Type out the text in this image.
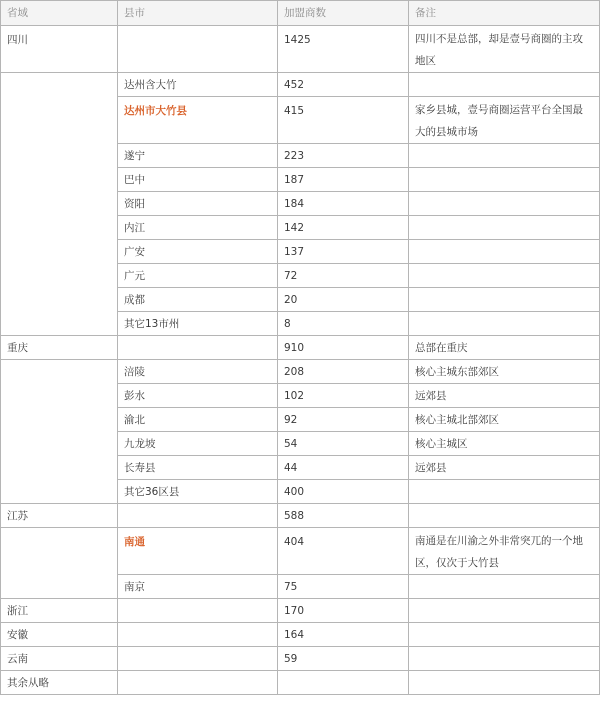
省域	县市	加盟商数	备注
四川		1425	四川不是总部，却是壹号商圈的主攻地区
	达州含大竹	452	
	达州市大竹县	415	家乡县城，壹号商圈运营平台全国最大的县城市场
	遂宁	223	
	巴中	187	
	资阳	184	
	内江	142	
	广安	137	
	广元	72	
	成都	20	
	其它13市州	8	
重庆		910	总部在重庆
	涪陵	208	核心主城东部郊区
	彭水	102	远郊县
	渝北	92	核心主城北部郊区
	九龙坡	54	核心主城区
	长寿县	44	远郊县
	其它36区县	400	
江苏		588	
	南通	404	南通是在川渝之外非常突兀的一个地区，仅次于大竹县
	南京	75	
浙江		170	
安徽		164	
云南		59	
其余从略			
